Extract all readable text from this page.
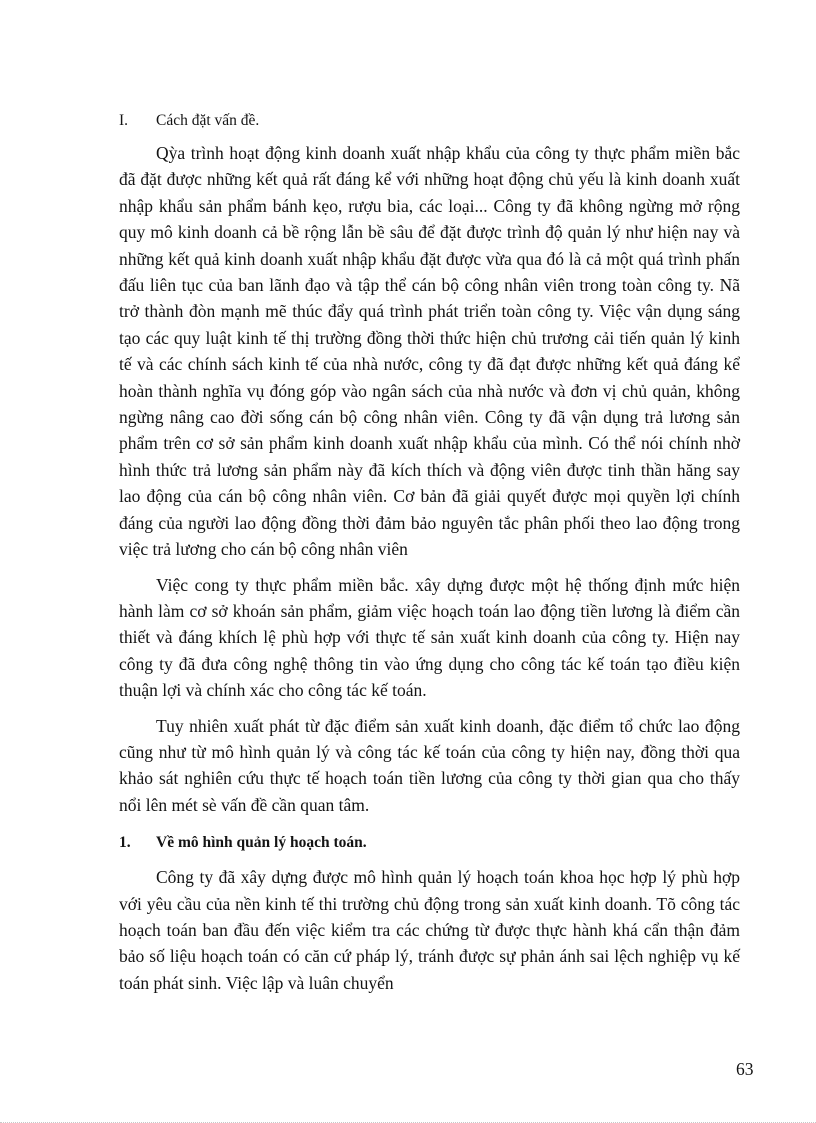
I.	Cách đặt vấn đề.

Qỳa trình hoạt động kinh doanh xuất nhập khẩu của công ty thực phẩm miền bắc đã đặt được những kết quả rất đáng kể với những hoạt động chủ yếu là kinh doanh xuất nhập khẩu sản phẩm bánh kẹo, rượu bia, các loại... Công ty đã không ngừng mở rộng quy mô kinh doanh cả bề rộng lẫn bề sâu để đặt được trình độ quản lý như hiện nay và những kết quả kinh doanh xuất nhập khẩu đặt được vừa qua đó là cả một quá trình phấn đấu liên tục của ban lãnh đạo và tập thể cán bộ công nhân viên trong toàn công ty. Nã trở thành đòn mạnh mẽ thúc đẩy quá trình phát triển toàn công ty. Việc vận dụng sáng tạo các quy luật kinh tế thị trường đồng thời thức hiện chủ trương cải tiến quản lý kinh tế và các chính sách kinh tế của nhà nước, công ty đã đạt được những kết quả đáng kể hoàn thành nghĩa vụ đóng góp vào ngân sách của nhà nước và đơn vị chủ quản, không ngừng nâng cao đời sống cán bộ công nhân viên. Công ty đã vận dụng trả lương sản phẩm trên cơ sở sản phẩm kinh doanh xuất nhập khẩu của mình. Có thể nói chính nhờ hình thức trả lương sản phẩm này đã kích thích và động viên được tinh thần hăng say lao động của cán bộ công nhân viên. Cơ bản đã giải quyết được mọi quyền lợi chính đáng của người lao động đồng thời đảm bảo nguyên tắc phân phối theo lao động trong việc trả lương cho cán bộ công nhân viên

Việc cong ty thực phẩm miền bắc. xây dựng được một hệ thống định mức hiện hành làm cơ sở khoán sản phẩm, giảm việc hoạch toán lao động tiền lương là điểm cần thiết và đáng khích lệ phù hợp với thực tế sản xuất kinh doanh của công ty. Hiện nay công ty đã đưa công nghệ thông tin vào ứng dụng cho công tác kế toán tạo điều kiện thuận lợi và chính xác cho công tác kế toán.

Tuy nhiên xuất phát từ đặc điểm sản xuất kinh doanh, đặc điểm tổ chức lao động cũng như từ mô hình quản lý và công tác kế toán của công ty hiện nay, đồng thời qua khảo sát nghiên cứu thực tế hoạch toán tiền lương của công ty thời gian qua cho thấy nổi lên mét sè vấn đề cần quan tâm.

1.	Về mô hình quản lý hoạch toán.

Công ty đã xây dựng được mô hình quản lý hoạch toán khoa học hợp lý phù hợp với yêu cầu của nền kinh tế thi trường chủ động trong sản xuất kinh doanh. Tõ công tác hoạch toán ban đầu đến việc kiểm tra các chứng từ được thực hành khá cẩn thận đảm bảo số liệu hoạch toán có căn cứ pháp lý, tránh được sự phản ánh sai lệch nghiệp vụ kế toán phát sinh. Việc lập và luân chuyển

63
